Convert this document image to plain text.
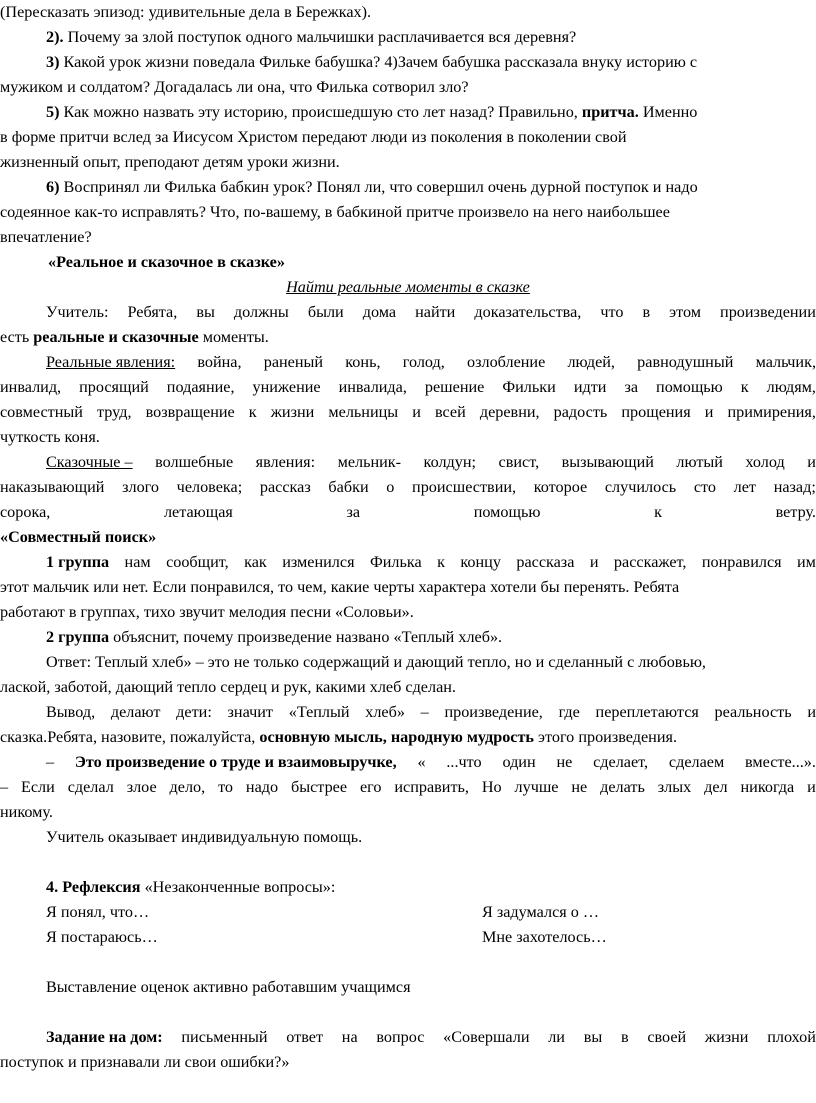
(Пересказать эпизод: удивительные дела в Бережках).
2). Почему за злой поступок одного мальчишки расплачивается вся деревня?
3) Какой урок жизни поведала Фильке бабушка? 4)Зачем бабушка рассказала внуку историю с
мужиком и солдатом? Догадалась ли она, что Филька сотворил зло?
5) Как можно назвать эту историю, происшедшую сто лет назад? Правильно, притча. Именно
в форме притчи вслед за Иисусом Христом передают люди из поколения в поколении свой
жизненный опыт, преподают детям уроки жизни.
6) Воспринял ли Филька бабкин урок? Понял ли, что совершил очень дурной поступок и надо
содеянное как-то исправлять? Что, по-вашему, в бабкиной притче произвело на него наибольшее
впечатление?
«Реальное и сказочное в сказке»
Найти реальные моменты в сказке
Учитель: Ребята, вы должны были дома найти доказательства, что в этом произведении
есть реальные и сказочные моменты.
Реальные явления: война, раненый конь, голод, озлобление людей, равнодушный мальчик,
инвалид, просящий подаяние, унижение инвалида, решение Фильки идти за помощью к людям,
совместный труд, возвращение к жизни мельницы и всей деревни, радость прощения и примирения,
чуткость коня.
Сказочные – волшебные явления: мельник- колдун; свист, вызывающий лютый холод и
наказывающий злого человека; рассказ бабки о происшествии, которое случилось сто лет назад;
сорока,	летающая	за	помощью	к	ветру.
«Совместный поиск»
1 группа нам сообщит, как изменился Филька к концу рассказа и расскажет, понравился им
этот мальчик или нет. Если понравился, то чем, какие черты характера хотели бы перенять. Ребята
работают в группах, тихо звучит мелодия песни «Соловьи».
2 группа объяснит, почему произведение названо «Теплый хлеб».
Ответ: Теплый хлеб» – это не только содержащий и дающий тепло, но и сделанный с любовью,
лаской, заботой, дающий тепло сердец и рук, какими хлеб сделан.
Вывод, делают дети: значит «Теплый хлеб» – произведение, где переплетаются реальность и
сказка.Ребята, назовите, пожалуйста, основную мысль, народную мудрость этого произведения.
– Это произведение о труде и взаимовыручке, « ...что один не сделает, сделаем вместе...».
– Если сделал злое дело, то надо быстрее его исправить, Но лучше не делать злых дел никогда и
никому.
Учитель оказывает индивидуальную помощь.
4. Рефлексия «Незаконченные вопросы»:
Я понял, что…	Я задумался о …
Я постараюсь…	Мне захотелось…
Выставление оценок активно работавшим учащимся
Задание на дом: письменный ответ на вопрос «Совершали ли вы в своей жизни плохой
поступок и признавали ли свои ошибки?»
